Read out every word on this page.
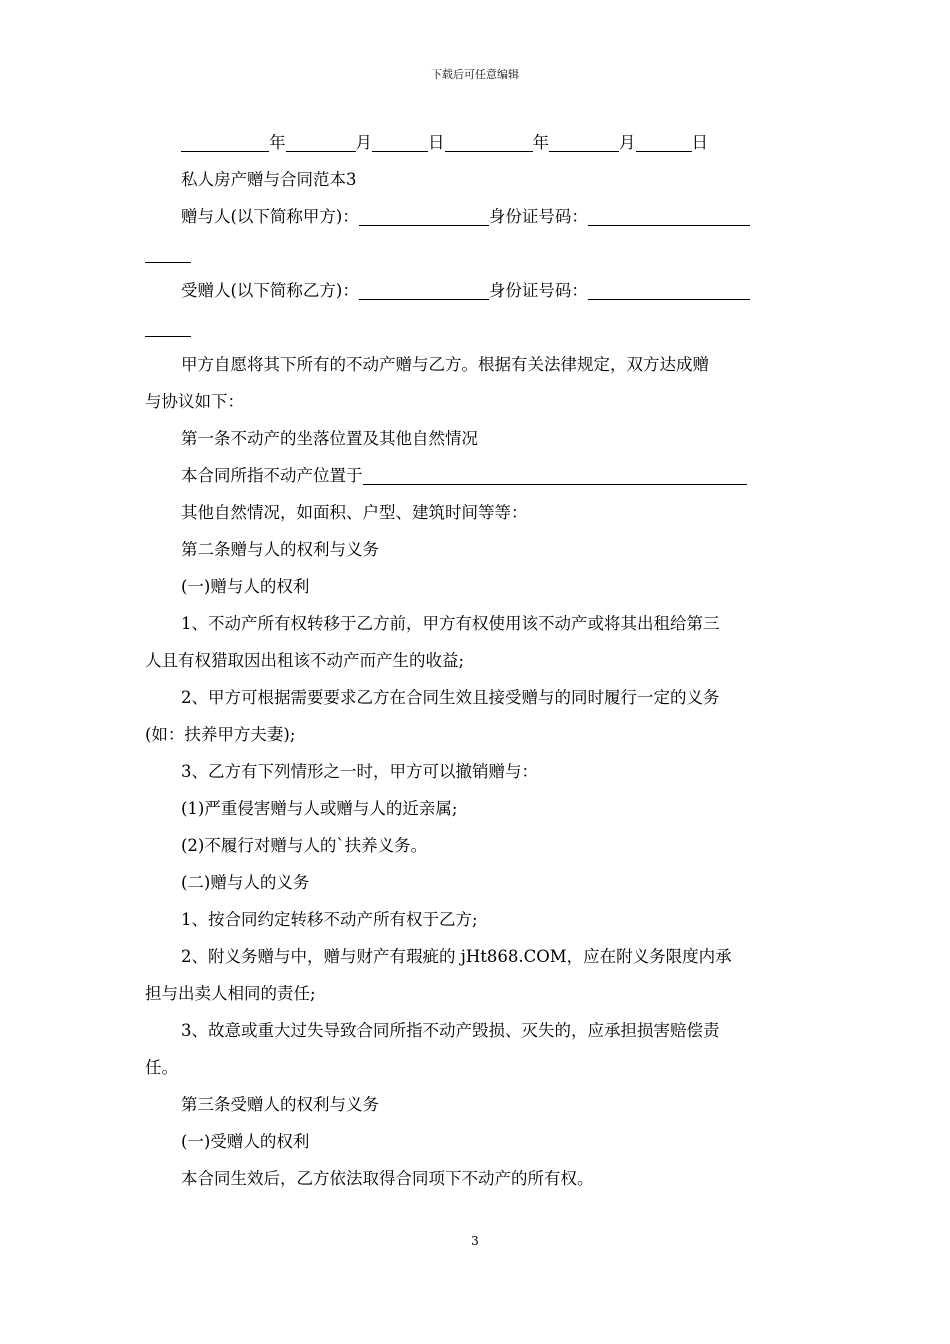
下载后可任意编辑
年	月	日	年	月	日
私人房产赠与合同范本3
赠与人(以下简称甲方)：	身份证号码：
受赠人(以下简称乙方)：	身份证号码：
甲方自愿将其下所有的不动产赠与乙方。根据有关法律规定，双方达成赠
与协议如下：
第一条不动产的坐落位置及其他自然情况
本合同所指不动产位置于
其他自然情况，如面积、户型、建筑时间等等：
第二条赠与人的权利与义务
(一)赠与人的权利
1、不动产所有权转移于乙方前，甲方有权使用该不动产或将其出租给第三
人且有权猎取因出租该不动产而产生的收益;
2、甲方可根据需要要求乙方在合同生效且接受赠与的同时履行一定的义务
(如：扶养甲方夫妻);
3、乙方有下列情形之一时，甲方可以撤销赠与：
(1)严重侵害赠与人或赠与人的近亲属;
(2)不履行对赠与人的`扶养义务。
(二)赠与人的义务
1、按合同约定转移不动产所有权于乙方;
2、附义务赠与中，赠与财产有瑕疵的 jHt868.COM，应在附义务限度内承
担与出卖人相同的责任;
3、故意或重大过失导致合同所指不动产毁损、灭失的，应承担损害赔偿责
任。
第三条受赠人的权利与义务
(一)受赠人的权利
本合同生效后，乙方依法取得合同项下不动产的所有权。
3
